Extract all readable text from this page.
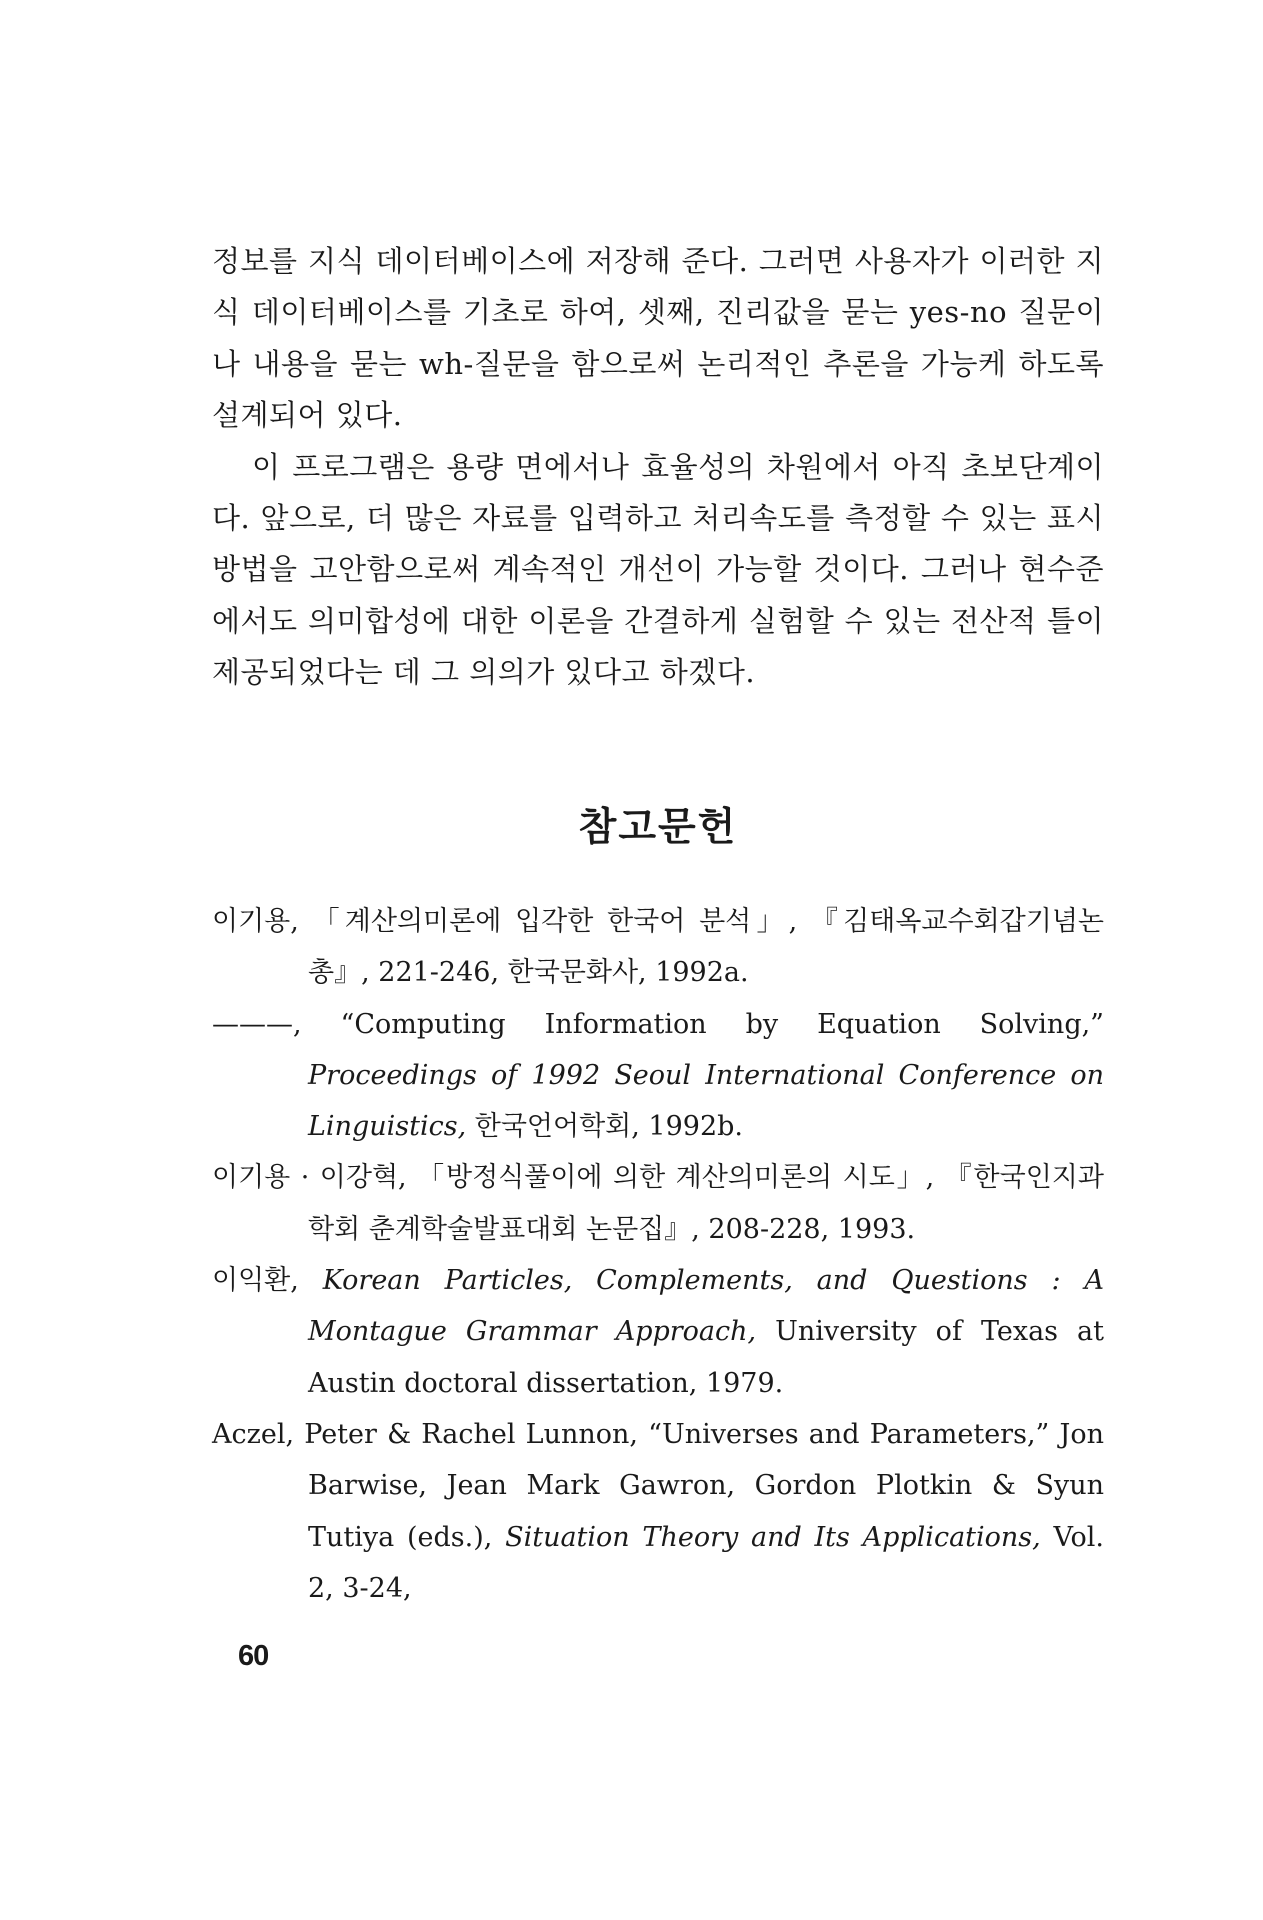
정보를 지식 데이터베이스에 저장해 준다. 그러면 사용자가 이러한 지식 데이터베이스를 기초로 하여, 셋째, 진리값을 묻는 yes-no 질문이나 내용을 묻는 wh-질문을 함으로써 논리적인 추론을 가능케 하도록 설계되어 있다.

이 프로그램은 용량 면에서나 효율성의 차원에서 아직 초보단계이다. 앞으로, 더 많은 자료를 입력하고 처리속도를 측정할 수 있는 표시방법을 고안함으로써 계속적인 개선이 가능할 것이다. 그러나 현수준에서도 의미합성에 대한 이론을 간결하게 실험할 수 있는 전산적 틀이 제공되었다는 데 그 의의가 있다고 하겠다.

참고문헌

이기용, 「계산의미론에 입각한 한국어 분석」, 『김태옥교수회갑기념논총』, 221-246, 한국문화사, 1992a.

———, “Computing Information by Equation Solving,” Proceedings of 1992 Seoul International Conference on Linguistics, 한국언어학회, 1992b.

이기용 · 이강혁, 「방정식풀이에 의한 계산의미론의 시도」, 『한국인지과학회 춘계학술발표대회 논문집』, 208-228, 1993.

이익환, Korean Particles, Complements, and Questions : A Montague Grammar Approach, University of Texas at Austin doctoral dissertation, 1979.

Aczel, Peter & Rachel Lunnon, “Universes and Parameters,” Jon Barwise, Jean Mark Gawron, Gordon Plotkin & Syun Tutiya (eds.), Situation Theory and Its Applications, Vol. 2, 3-24,

60
